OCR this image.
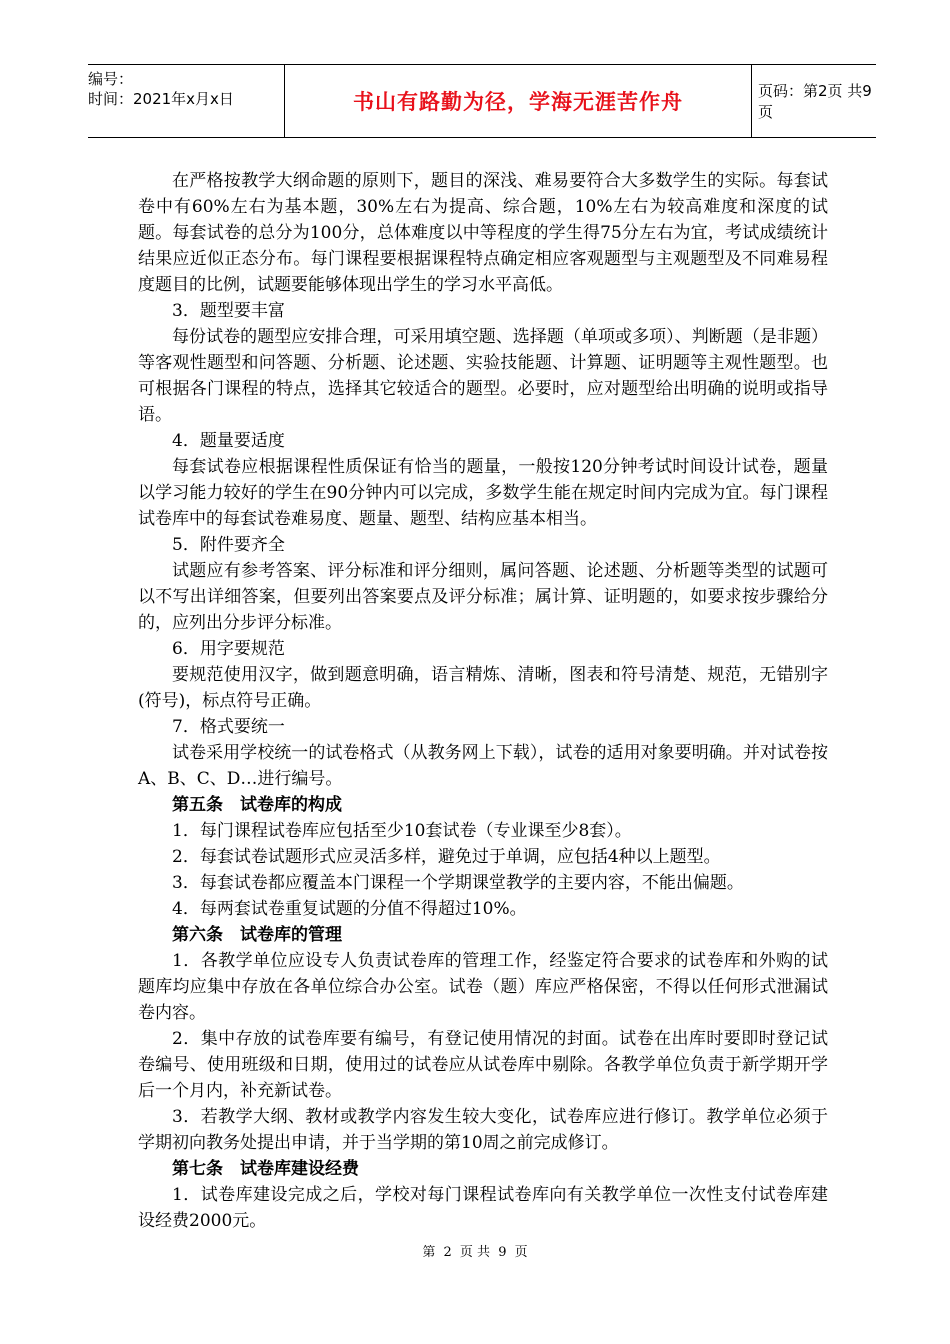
编号：
时间：2021年x月x日	书山有路勤为径，学海无涯苦作舟	页码：第2页 共9页

在严格按教学大纲命题的原则下，题目的深浅、难易要符合大多数学生的实际。每套试卷中有60%左右为基本题，30%左右为提高、综合题，10%左右为较高难度和深度的试题。每套试卷的总分为100分，总体难度以中等程度的学生得75分左右为宜，考试成绩统计结果应近似正态分布。每门课程要根据课程特点确定相应客观题型与主观题型及不同难易程度题目的比例，试题要能够体现出学生的学习水平高低。

3．题型要丰富

每份试卷的题型应安排合理，可采用填空题、选择题（单项或多项）、判断题（是非题）等客观性题型和问答题、分析题、论述题、实验技能题、计算题、证明题等主观性题型。也可根据各门课程的特点，选择其它较适合的题型。必要时，应对题型给出明确的说明或指导语。

4．题量要适度

每套试卷应根据课程性质保证有恰当的题量，一般按120分钟考试时间设计试卷，题量以学习能力较好的学生在90分钟内可以完成，多数学生能在规定时间内完成为宜。每门课程试卷库中的每套试卷难易度、题量、题型、结构应基本相当。

5．附件要齐全

试题应有参考答案、评分标准和评分细则，属问答题、论述题、分析题等类型的试题可以不写出详细答案，但要列出答案要点及评分标准；属计算、证明题的，如要求按步骤给分的，应列出分步评分标准。

6．用字要规范

要规范使用汉字，做到题意明确，语言精炼、清晰，图表和符号清楚、规范，无错别字(符号)，标点符号正确。

7．格式要统一

试卷采用学校统一的试卷格式（从教务网上下载），试卷的适用对象要明确。并对试卷按A、B、C、D…进行编号。

第五条　试卷库的构成

1．每门课程试卷库应包括至少10套试卷（专业课至少8套）。

2．每套试卷试题形式应灵活多样，避免过于单调，应包括4种以上题型。

3．每套试卷都应覆盖本门课程一个学期课堂教学的主要内容，不能出偏题。

4．每两套试卷重复试题的分值不得超过10%。

第六条　试卷库的管理

1．各教学单位应设专人负责试卷库的管理工作，经鉴定符合要求的试卷库和外购的试题库均应集中存放在各单位综合办公室。试卷（题）库应严格保密，不得以任何形式泄漏试卷内容。

2．集中存放的试卷库要有编号，有登记使用情况的封面。试卷在出库时要即时登记试卷编号、使用班级和日期，使用过的试卷应从试卷库中剔除。各教学单位负责于新学期开学后一个月内，补充新试卷。

3．若教学大纲、教材或教学内容发生较大变化，试卷库应进行修订。教学单位必须于学期初向教务处提出申请，并于当学期的第10周之前完成修订。

第七条　试卷库建设经费

1．试卷库建设完成之后，学校对每门课程试卷库向有关教学单位一次性支付试卷库建设经费2000元。

第 2 页 共 9 页
